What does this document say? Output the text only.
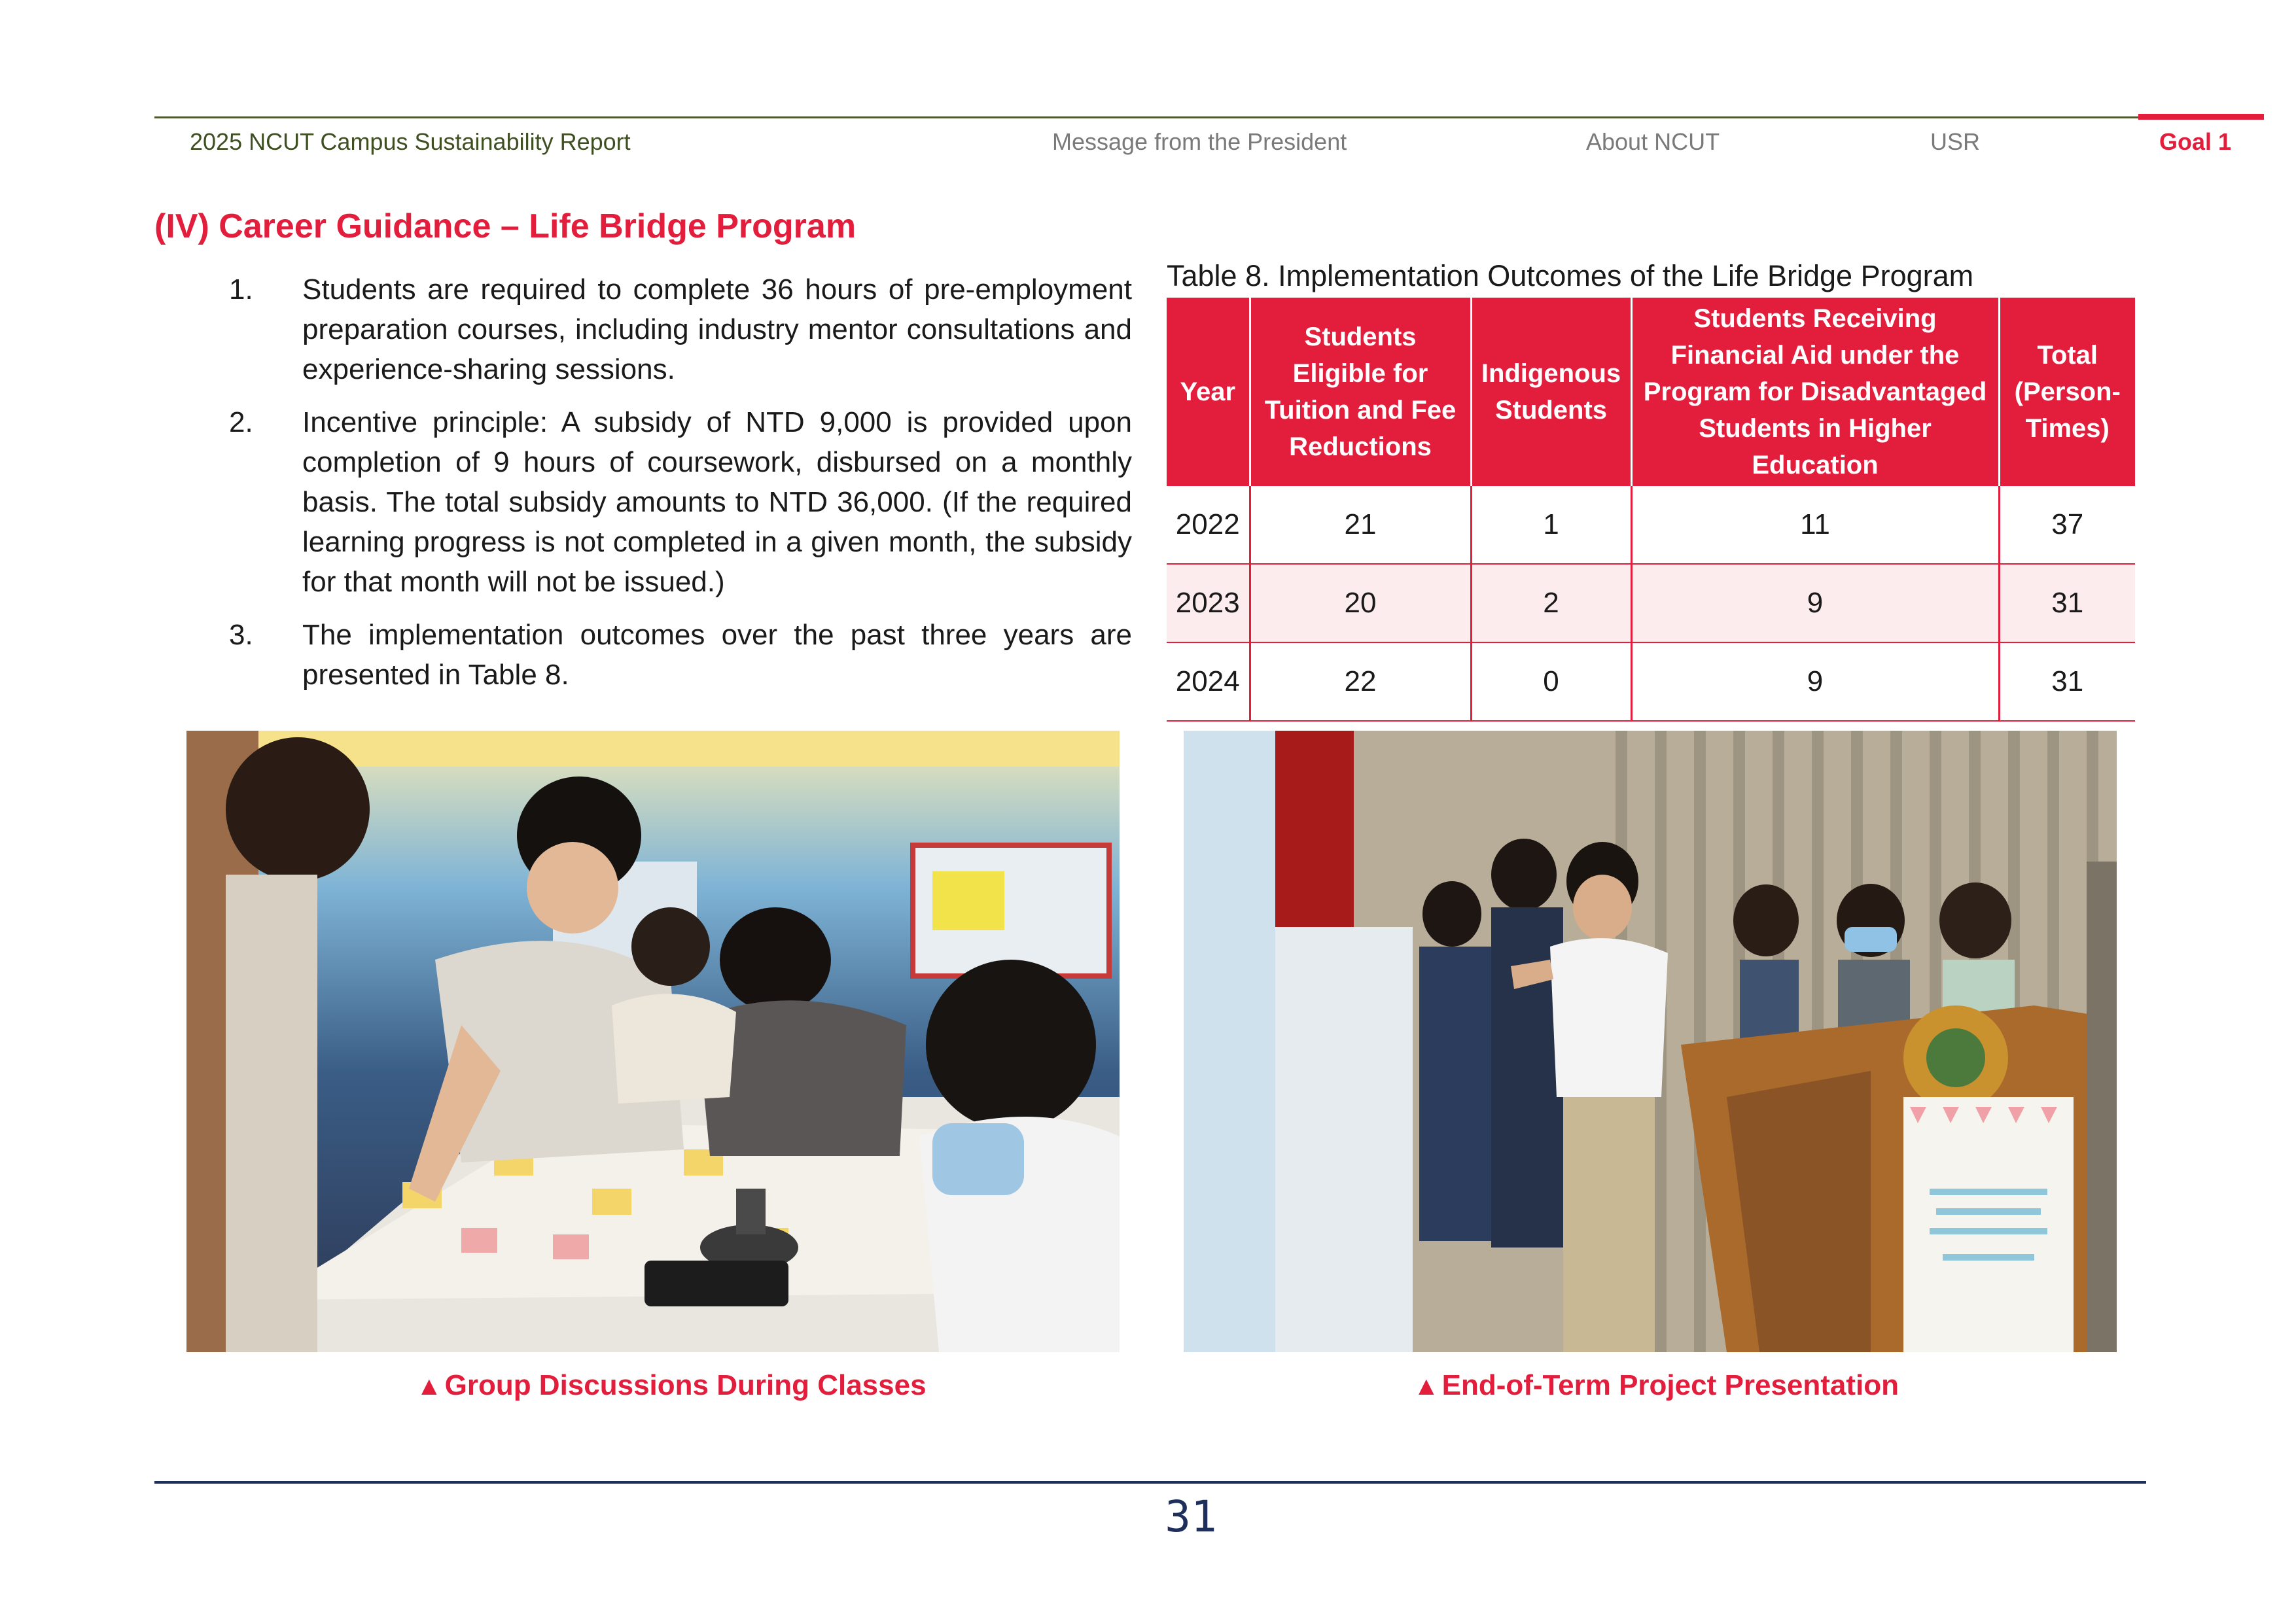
2025 NCUT Campus Sustainability Report	Message from the President	About NCUT	USR	Goal 1
(IV) Career Guidance – Life Bridge Program
1.	Students are required to complete 36 hours of pre-employment preparation courses, including industry mentor consultations and experience-sharing sessions.
2.	Incentive principle: A subsidy of NTD 9,000 is provided upon completion of 9 hours of coursework, disbursed on a monthly basis. The total subsidy amounts to NTD 36,000. (If the required learning progress is not completed in a given month, the subsidy for that month will not be issued.)
3.	The implementation outcomes over the past three years are presented in Table 8.
Table 8. Implementation Outcomes of the Life Bridge Program
Year	Students Eligible for Tuition and Fee Reductions	Indigenous Students	Students Receiving Financial Aid under the Program for Disadvantaged Students in Higher Education	Total (Person-Times)
2022	21	1	11	37
2023	20	2	9	31
2024	22	0	9	31
▲Group Discussions During Classes	▲End-of-Term Project Presentation
31
